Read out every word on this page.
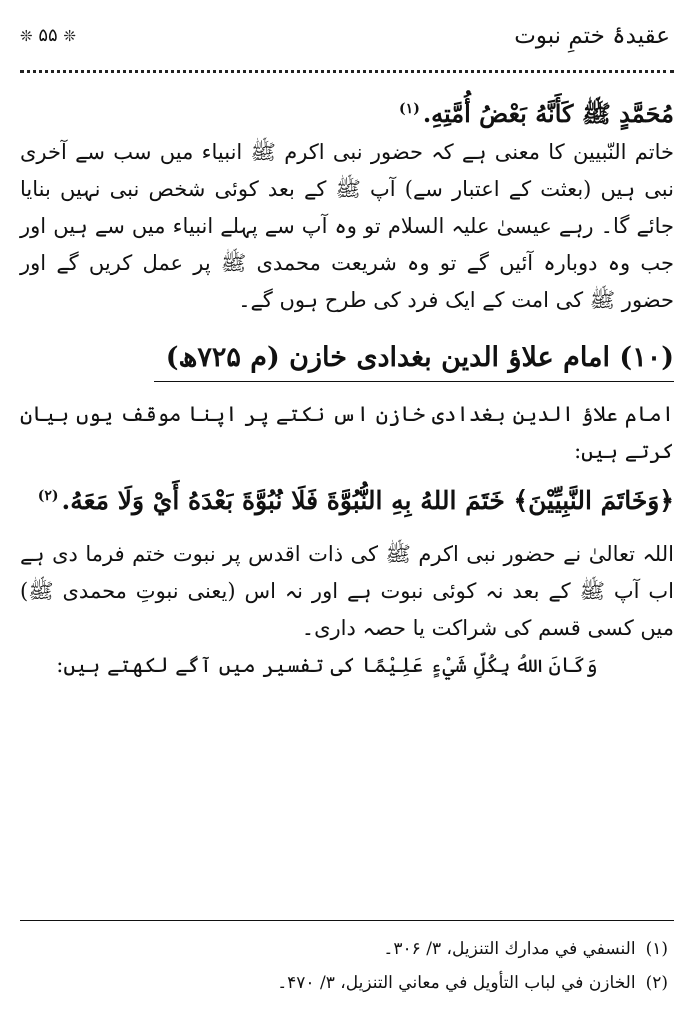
عقیدۂ ختمِ نبوت
❊ ۵۵ ❊

مُحَمَّدٍ ﷺ كَأَنَّهُ بَعْضُ أُمَّتِهِ.$^{(۱)}$

خاتم النّبیین کا معنی ہے کہ حضور نبی اکرم ﷺ انبیاء میں سب سے آخری نبی ہیں (بعثت کے اعتبار سے) آپ ﷺ کے بعد کوئی شخص نبی نہیں بنایا جائے گا۔ رہے عیسیٰ علیہ السلام تو وہ آپ سے پہلے انبیاء میں سے ہیں اور جب وہ دوبارہ آئیں گے تو وہ شریعت محمدی ﷺ پر عمل کریں گے اور حضور ﷺ کی امت کے ایک فرد کی طرح ہوں گے۔

(۱۰) امام علاؤ الدین بغدادی خازن (م ۷۲۵ھ)

امام علاؤ الدین بغدادی خازن اس نکتے پر اپنا موقف یوں بیان کرتے ہیں:

﴿وَخَاتَمَ النَّبِيِّيْنَ﴾ خَتَمَ اللهُ بِهِ النُّبُوَّةَ فَلَا نُبُوَّةَ بَعْدَهُ أَيْ وَلَا مَعَهُ.$^{(۲)}$

اللہ تعالیٰ نے حضور نبی اکرم ﷺ کی ذات اقدس پر نبوت ختم فرما دی ہے اب آپ ﷺ کے بعد نہ کوئی نبوت ہے اور نہ اس (یعنی نبوتِ محمدی ﷺ) میں کسی قسم کی شراکت یا حصہ داری۔

وَكَانَ اللهُ بِكُلِّ شَيْءٍ عَلِيْمًا کی تفسیر میں آگے لکھتے ہیں:

(۱)النسفي في مدارك التنزيل، ۳/ ۳۰۶۔

(۲)الخازن في لباب التأويل في معاني التنزيل، ۳/ ۴۷۰۔
